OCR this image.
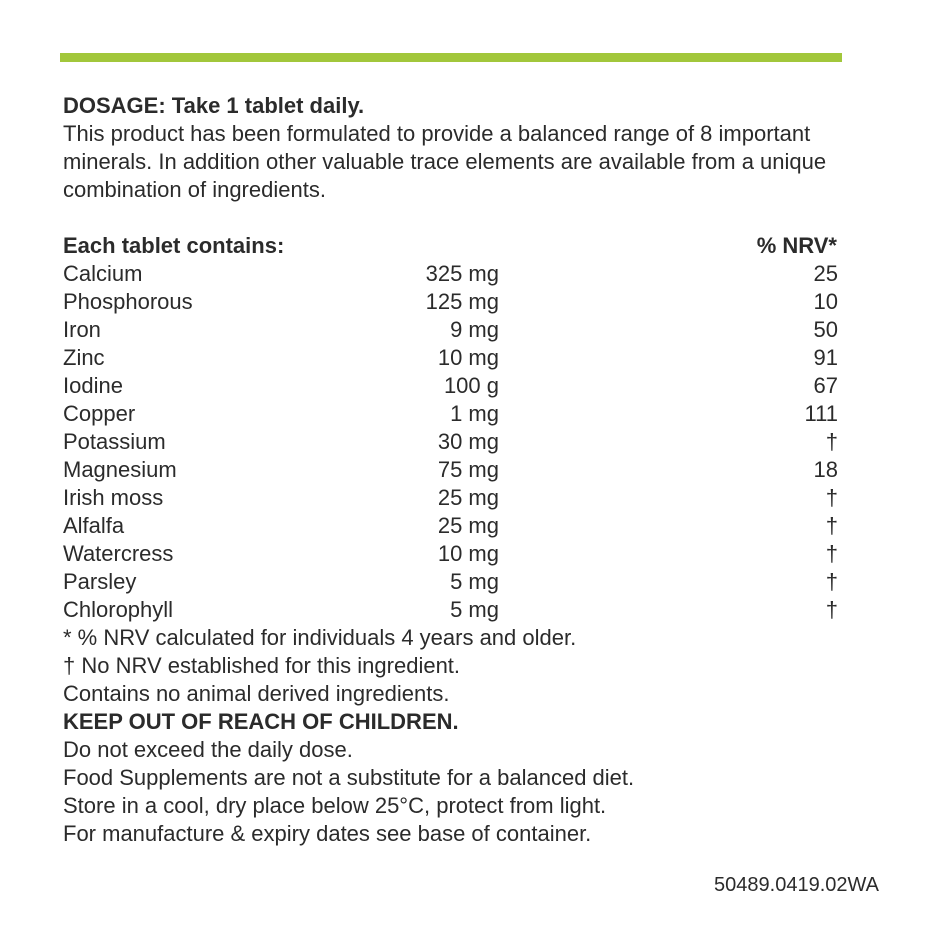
DOSAGE: Take 1 tablet daily.

This product has been formulated to provide a balanced range of 8 important

minerals. In addition other valuable trace elements are available from a unique

combination of ingredients.

Each tablet contains:	% NRV*
Calcium	325 mg	25
Phosphorous	125 mg	10
Iron	9 mg	50
Zinc	10 mg	91
Iodine	100 g	67
Copper	1 mg	111
Potassium	30 mg	†
Magnesium	75 mg	18
Irish moss	25 mg	†
Alfalfa	25 mg	†
Watercress	10 mg	†
Parsley	5 mg	†
Chlorophyll	5 mg	†

* % NRV calculated for individuals 4 years and older.

† No NRV established for this ingredient.

Contains no animal derived ingredients.

KEEP OUT OF REACH OF CHILDREN.

Do not exceed the daily dose.

Food Supplements are not a substitute for a balanced diet.

Store in a cool, dry place below 25°C, protect from light.

For manufacture & expiry dates see base of container.

50489.0419.02WA
